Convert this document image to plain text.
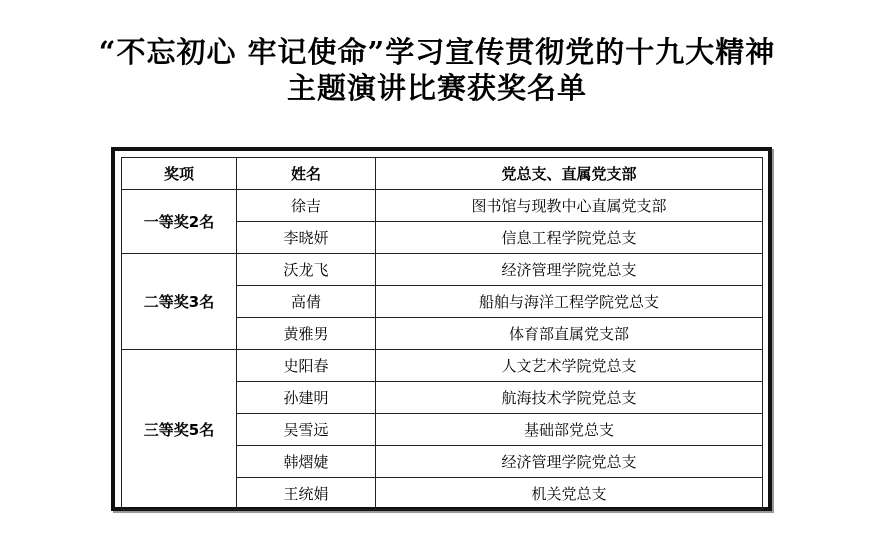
“不忘初心 牢记使命”学习宣传贯彻党的十九大精神
主题演讲比赛获奖名单
奖项	姓名	党总支、直属党支部
一等奖2名	徐吉	图书馆与现教中心直属党支部
	李晓妍	信息工程学院党总支
二等奖3名	沃龙飞	经济管理学院党总支
	高倩	船舶与海洋工程学院党总支
	黄雅男	体育部直属党支部
三等奖5名	史阳春	人文艺术学院党总支
	孙建明	航海技术学院党总支
	吴雪远	基础部党总支
	韩熠婕	经济管理学院党总支
	王统娟	机关党总支
